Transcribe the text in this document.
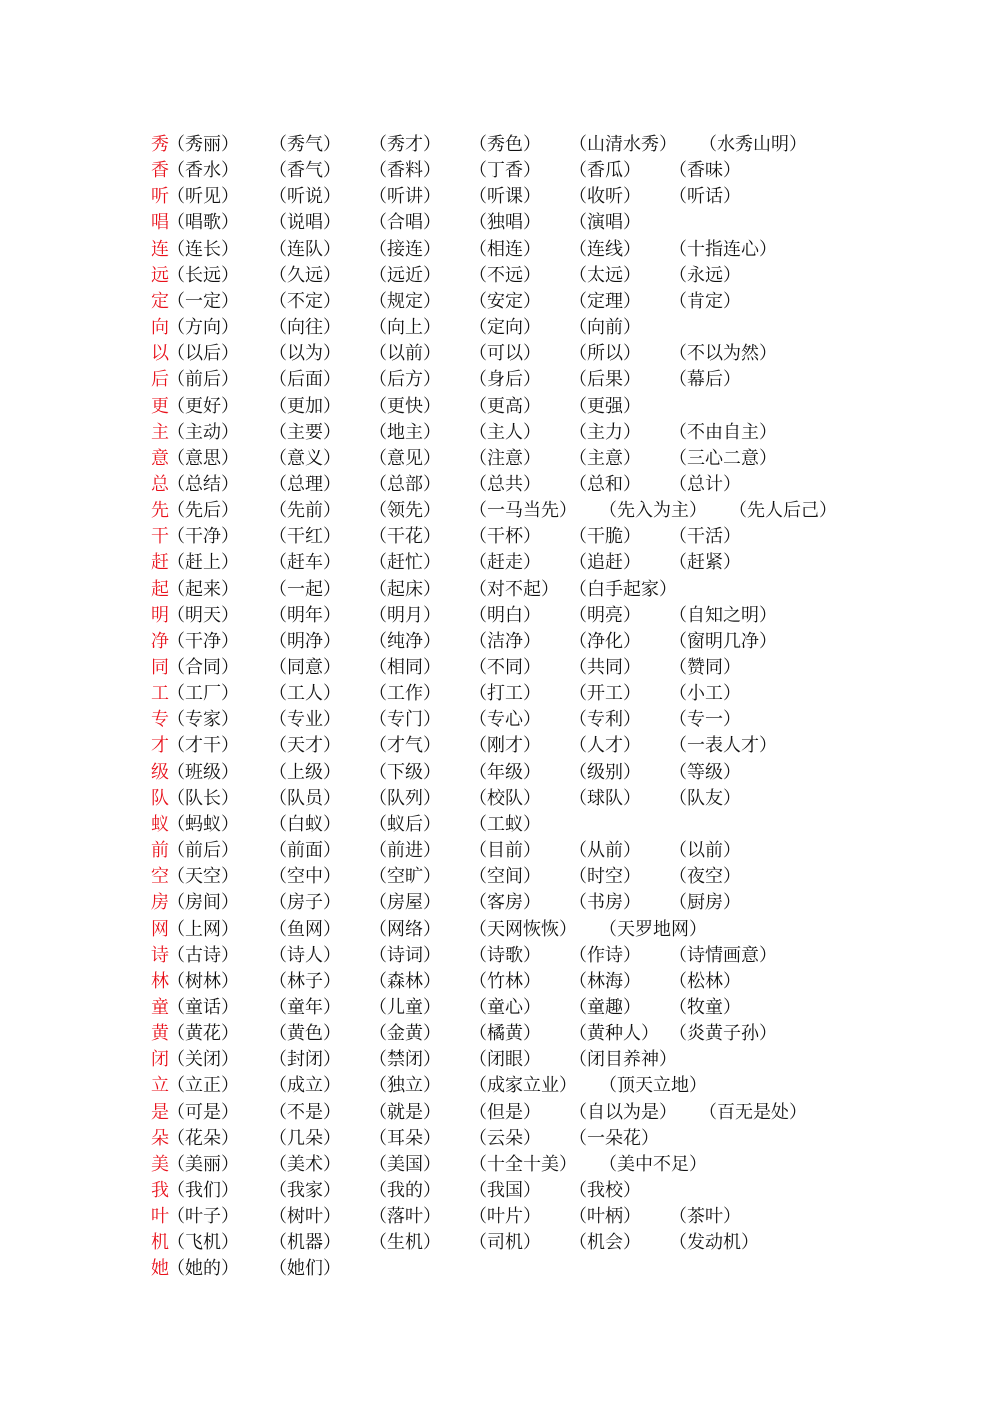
秀
（秀丽） （秀气） （秀才） （秀色） （山清水秀） （水秀山明）
香
（香水） （香气） （香料） （丁香） （香瓜） （香味）
听
（听见） （听说） （听讲） （听课） （收听） （听话）
唱
（唱歌） （说唱） （合唱） （独唱） （演唱）
连
（连长） （连队） （接连） （相连） （连线） （十指连心）
远
（长远） （久远） （远近） （不远） （太远） （永远）
定
（一定） （不定） （规定） （安定） （定理） （肯定）
向
（方向） （向往） （向上） （定向） （向前）
以
（以后） （以为） （以前） （可以） （所以） （不以为然）
后
（前后） （后面） （后方） （身后） （后果） （幕后）
更
（更好） （更加） （更快） （更高） （更强）
主
（主动） （主要） （地主） （主人） （主力） （不由自主）
意
（意思） （意义） （意见） （注意） （主意） （三心二意）
总
（总结） （总理） （总部） （总共） （总和） （总计）
先
（先后） （先前） （领先） （一马当先） （先入为主） （先人后己）
干
（干净） （干红） （干花） （干杯） （干脆） （干活）
赶
（赶上） （赶车） （赶忙） （赶走） （追赶） （赶紧）
起
（起来） （一起） （起床） （对不起） （白手起家）
明
（明天） （明年） （明月） （明白） （明亮） （自知之明）
净
（干净） （明净） （纯净） （洁净） （净化） （窗明几净）
同
（合同） （同意） （相同） （不同） （共同） （赞同）
工
（工厂） （工人） （工作） （打工） （开工） （小工）
专
（专家） （专业） （专门） （专心） （专利） （专一）
才
（才干） （天才） （才气） （刚才） （人才） （一表人才）
级
（班级） （上级） （下级） （年级） （级别） （等级）
队
（队长） （队员） （队列） （校队） （球队） （队友）
蚁
（蚂蚁） （白蚁） （蚁后） （工蚁）
前
（前后） （前面） （前进） （目前） （从前） （以前）
空
（天空） （空中） （空旷） （空间） （时空） （夜空）
房
（房间） （房子） （房屋） （客房） （书房） （厨房）
网
（上网） （鱼网） （网络） （天网恢恢） （天罗地网）
诗
（古诗） （诗人） （诗词） （诗歌） （作诗） （诗情画意）
林
（树林） （林子） （森林） （竹林） （林海） （松林）
童
（童话） （童年） （儿童） （童心） （童趣） （牧童）
黄
（黄花） （黄色） （金黄） （橘黄） （黄种人） （炎黄子孙）
闭
（关闭） （封闭） （禁闭） （闭眼） （闭目养神）
立
（立正） （成立） （独立） （成家立业） （顶天立地）
是
（可是） （不是） （就是） （但是） （自以为是） （百无是处）
朵
（花朵） （几朵） （耳朵） （云朵） （一朵花）
美
（美丽） （美术） （美国） （十全十美） （美中不足）
我
（我们） （我家） （我的） （我国） （我校）
叶
（叶子） （树叶） （落叶） （叶片） （叶柄） （茶叶）
机
（飞机） （机器） （生机） （司机） （机会） （发动机）
她
（她的） （她们）
